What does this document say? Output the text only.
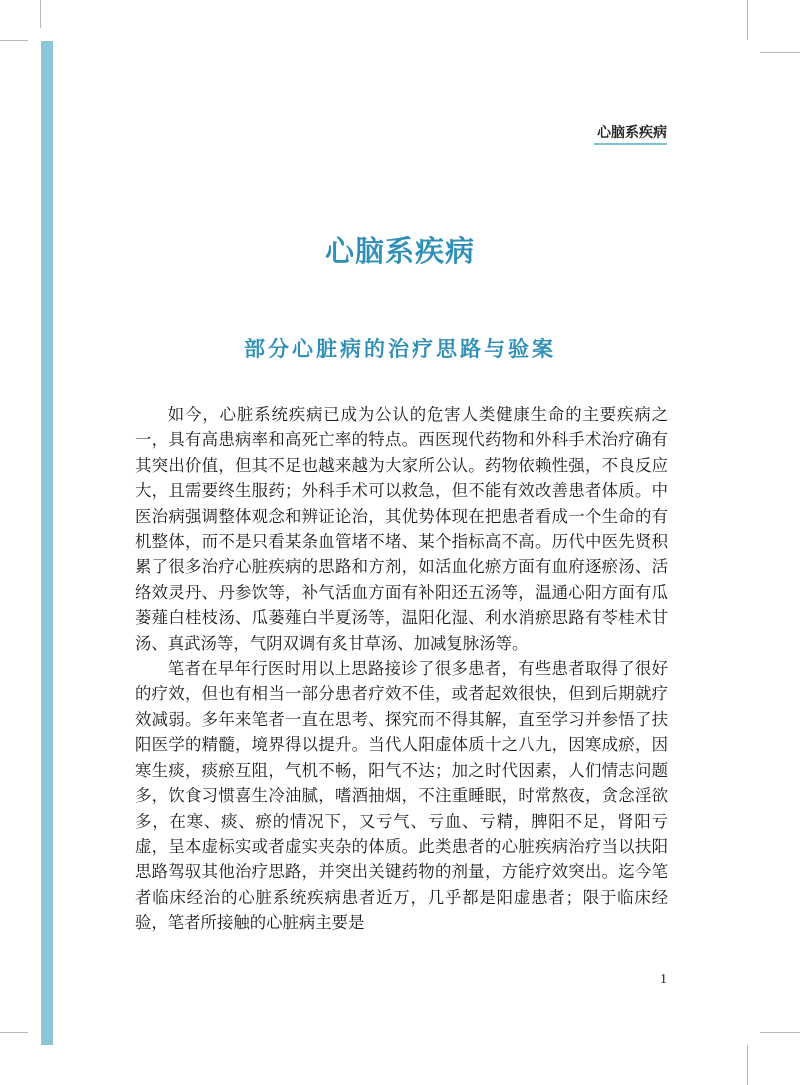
心脑系疾病
心脑系疾病
部分心脏病的治疗思路与验案

如今，心脏系统疾病已成为公认的危害人类健康生命的主要疾病之一，具有高患病率和高死亡率的特点。西医现代药物和外科手术治疗确有其突出价值，但其不足也越来越为大家所公认。药物依赖性强，不良反应大，且需要终生服药；外科手术可以救急，但不能有效改善患者体质。中医治病强调整体观念和辨证论治，其优势体现在把患者看成一个生命的有机整体，而不是只看某条血管堵不堵、某个指标高不高。历代中医先贤积累了很多治疗心脏疾病的思路和方剂，如活血化瘀方面有血府逐瘀汤、活络效灵丹、丹参饮等，补气活血方面有补阳还五汤等，温通心阳方面有瓜蒌薤白桂枝汤、瓜蒌薤白半夏汤等，温阳化湿、利水消瘀思路有苓桂术甘汤、真武汤等，气阴双调有炙甘草汤、加减复脉汤等。

笔者在早年行医时用以上思路接诊了很多患者，有些患者取得了很好的疗效，但也有相当一部分患者疗效不佳，或者起效很快，但到后期就疗效减弱。多年来笔者一直在思考、探究而不得其解，直至学习并参悟了扶阳医学的精髓，境界得以提升。当代人阳虚体质十之八九，因寒成瘀，因寒生痰，痰瘀互阻，气机不畅，阳气不达；加之时代因素，人们情志问题多，饮食习惯喜生冷油腻，嗜酒抽烟，不注重睡眠，时常熬夜，贪念淫欲多，在寒、痰、瘀的情况下，又亏气、亏血、亏精，脾阳不足，肾阳亏虚，呈本虚标实或者虚实夹杂的体质。此类患者的心脏疾病治疗当以扶阳思路驾驭其他治疗思路，并突出关键药物的剂量，方能疗效突出。迄今笔者临床经治的心脏系统疾病患者近万，几乎都是阳虚患者；限于临床经验，笔者所接触的心脏病主要是

1
